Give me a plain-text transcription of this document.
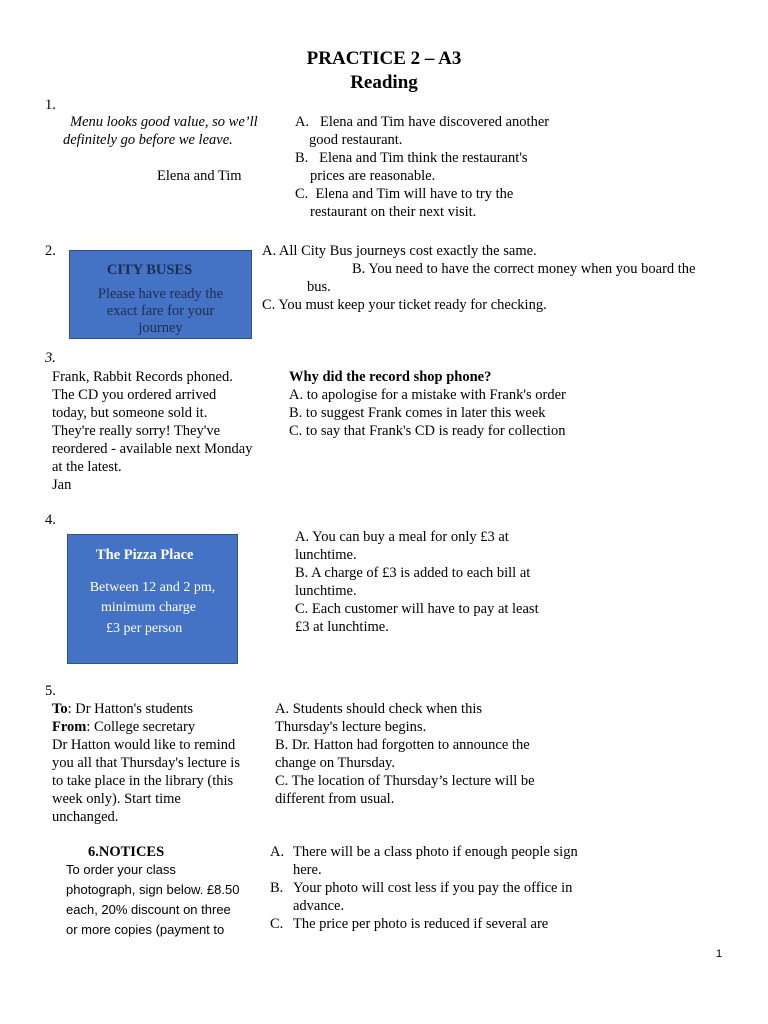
PRACTICE 2 – A3
Reading
1.
Menu looks good value, so we’ll
definitely go before we leave.
Elena and Tim
A. Elena and Tim have discovered another
good restaurant.
B. Elena and Tim think the restaurant's
prices are reasonable.
C. Elena and Tim will have to try the
restaurant on their next visit.
2.
CITY BUSES
Please have ready the
exact fare for your
journey
A. All City Bus journeys cost exactly the same.
B. You need to have the correct money when you board the
bus.
C. You must keep your ticket ready for checking.
3.
Frank, Rabbit Records phoned.
The CD you ordered arrived
today, but someone sold it.
They're really sorry! They've
reordered - available next Monday
at the latest.
Jan
Why did the record shop phone?
A. to apologise for a mistake with Frank's order
B. to suggest Frank comes in later this week
C. to say that Frank's CD is ready for collection
4.
The Pizza Place
Between 12 and 2 pm,
minimum charge
£3 per person
A. You can buy a meal for only £3 at
lunchtime.
B. A charge of £3 is added to each bill at
lunchtime.
C. Each customer will have to pay at least
£3 at lunchtime.
5.
To: Dr Hatton's students
From: College secretary
Dr Hatton would like to remind
you all that Thursday's lecture is
to take place in the library (this
week only). Start time
unchanged.
A. Students should check when this
Thursday's lecture begins.
B. Dr. Hatton had forgotten to announce the
change on Thursday.
C. The location of Thursday’s lecture will be
different from usual.
6.NOTICES
To order your class
photograph, sign below. £8.50
each, 20% discount on three
or more copies (payment to
A. There will be a class photo if enough people sign
here.
B. Your photo will cost less if you pay the office in
advance.
C. The price per photo is reduced if several are
1
